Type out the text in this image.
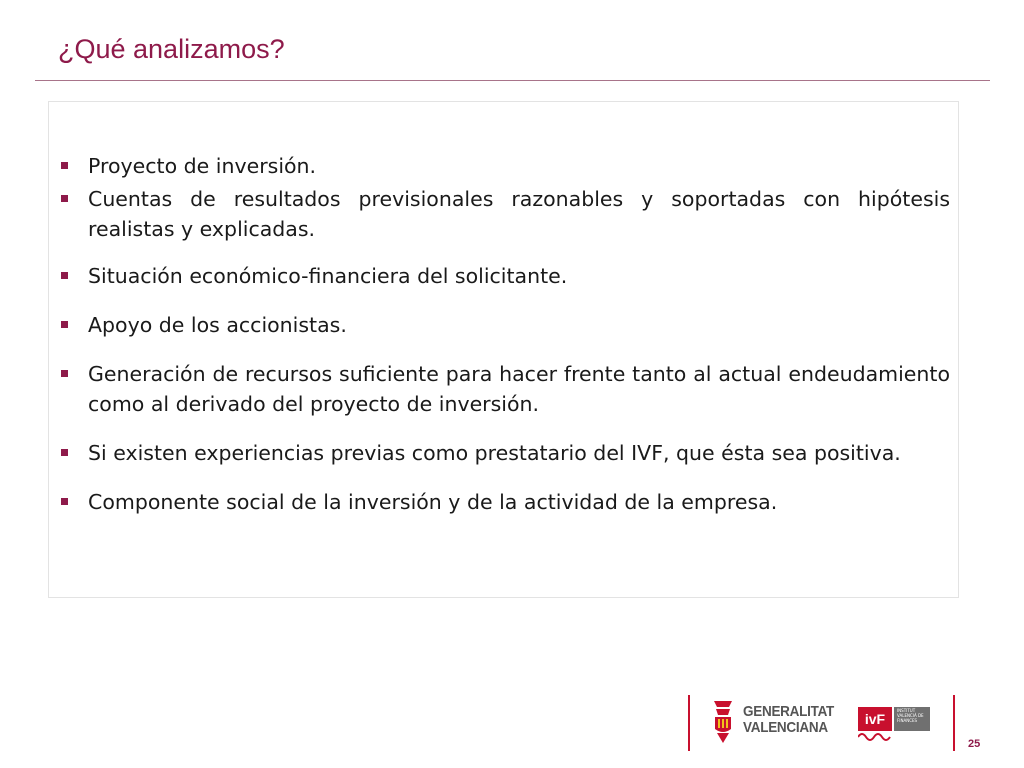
¿Qué analizamos?
Proyecto de inversión.
Cuentas de resultados previsionales razonables y soportadas con hipótesis realistas y explicadas.
Situación económico-financiera del solicitante.
Apoyo de los accionistas.
Generación de recursos suficiente para hacer frente tanto al actual endeudamiento como al derivado del proyecto de inversión.
Si existen experiencias previas como prestatario del IVF, que ésta sea positiva.
Componente social de la inversión y de la actividad de la empresa.
GENERALITAT
VALENCIANA	ivF
INSTITUT VALENCIÀ DE FINANCES
25
